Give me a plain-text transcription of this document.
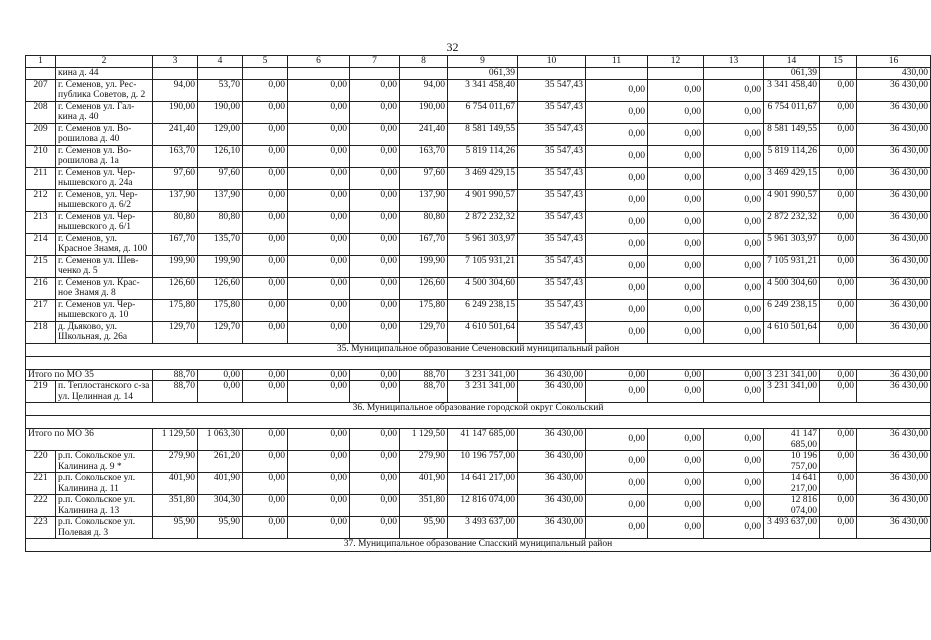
32
1	2	3	4	5	6	7	8	9	10	11	12	13	14	15	16
	кина д. 44							061,39					061,39		430,00
207	г. Семенов, ул. Рес-публика Советов, д. 2	94,00	53,70	0,00	0,00	0,00	94,00	3 341 458,40	35 547,43	0,00	0,00	0,00	3 341 458,40	0,00	36 430,00
208	г. Семенов ул. Гал-кина д. 40	190,00	190,00	0,00	0,00	0,00	190,00	6 754 011,67	35 547,43	0,00	0,00	0,00	6 754 011,67	0,00	36 430,00
209	г. Семенов ул. Во-рошилова д. 40	241,40	129,00	0,00	0,00	0,00	241,40	8 581 149,55	35 547,43	0,00	0,00	0,00	8 581 149,55	0,00	36 430,00
210	г. Семенов ул. Во-рошилова д. 1а	163,70	126,10	0,00	0,00	0,00	163,70	5 819 114,26	35 547,43	0,00	0,00	0,00	5 819 114,26	0,00	36 430,00
211	г. Семенов ул. Чер-нышевского д. 24а	97,60	97,60	0,00	0,00	0,00	97,60	3 469 429,15	35 547,43	0,00	0,00	0,00	3 469 429,15	0,00	36 430,00
212	г. Семенов, ул. Чер-нышевского д. 6/2	137,90	137,90	0,00	0,00	0,00	137,90	4 901 990,57	35 547,43	0,00	0,00	0,00	4 901 990,57	0,00	36 430,00
213	г. Семенов ул. Чер-нышевского д. 6/1	80,80	80,80	0,00	0,00	0,00	80,80	2 872 232,32	35 547,43	0,00	0,00	0,00	2 872 232,32	0,00	36 430,00
214	г. Семенов, ул. Красное Знамя, д. 100	167,70	135,70	0,00	0,00	0,00	167,70	5 961 303,97	35 547,43	0,00	0,00	0,00	5 961 303,97	0,00	36 430,00
215	г. Семенов ул. Шев-ченко д. 5	199,90	199,90	0,00	0,00	0,00	199,90	7 105 931,21	35 547,43	0,00	0,00	0,00	7 105 931,21	0,00	36 430,00
216	г. Семенов ул. Крас-ное Знамя д. 8	126,60	126,60	0,00	0,00	0,00	126,60	4 500 304,60	35 547,43	0,00	0,00	0,00	4 500 304,60	0,00	36 430,00
217	г. Семенов ул. Чер-нышевского д. 10	175,80	175,80	0,00	0,00	0,00	175,80	6 249 238,15	35 547,43	0,00	0,00	0,00	6 249 238,15	0,00	36 430,00
218	д. Дьяково, ул. Школьная, д. 26а	129,70	129,70	0,00	0,00	0,00	129,70	4 610 501,64	35 547,43	0,00	0,00	0,00	4 610 501,64	0,00	36 430,00
35. Муниципальное образование Сеченовский муниципальный район															

Итого по МО 35		88,70	0,00	0,00	0,00	0,00	88,70	3 231 341,00	36 430,00	0,00	0,00	0,00	3 231 341,00	0,00	36 430,00
219	п. Теплостанского с-за ул. Целинная д. 14	88,70	0,00	0,00	0,00	0,00	88,70	3 231 341,00	36 430,00	0,00	0,00	0,00	3 231 341,00	0,00	36 430,00
36. Муниципальное образование городской округ Сокольский															

Итого по МО 36		1 129,50	1 063,30	0,00	0,00	0,00	1 129,50	41 147 685,00	36 430,00	0,00	0,00	0,00	41 147 685,00	0,00	36 430,00
220	р.п. Сокольское ул. Калинина д. 9 *	279,90	261,20	0,00	0,00	0,00	279,90	10 196 757,00	36 430,00	0,00	0,00	0,00	10 196 757,00	0,00	36 430,00
221	р.п. Сокольское ул. Калинина д. 11	401,90	401,90	0,00	0,00	0,00	401,90	14 641 217,00	36 430,00	0,00	0,00	0,00	14 641 217,00	0,00	36 430,00
222	р.п. Сокольское ул. Калинина д. 13	351,80	304,30	0,00	0,00	0,00	351,80	12 816 074,00	36 430,00	0,00	0,00	0,00	12 816 074,00	0,00	36 430,00
223	р.п. Сокольское ул. Полевая д. 3	95,90	95,90	0,00	0,00	0,00	95,90	3 493 637,00	36 430,00	0,00	0,00	0,00	3 493 637,00	0,00	36 430,00
37. Муниципальное образование Спасский муниципальный район															
